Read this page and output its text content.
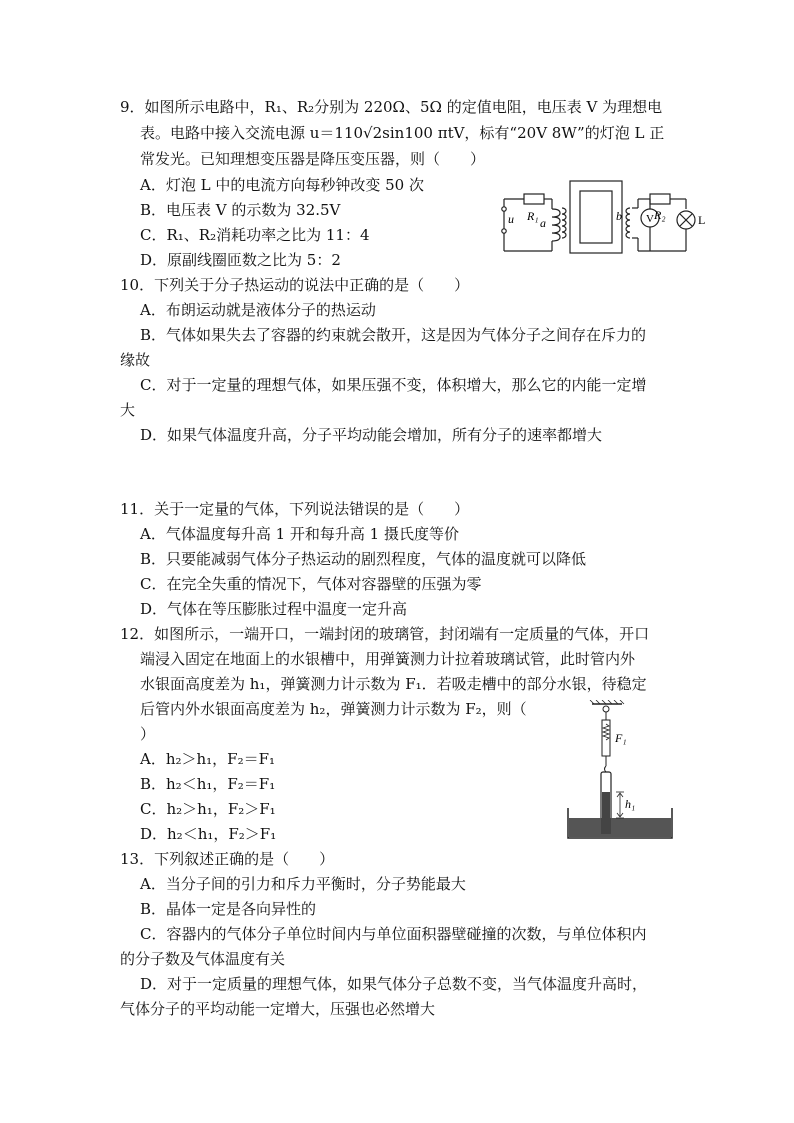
9．如图所示电路中，R₁、R₂分别为 220Ω、5Ω 的定值电阻，电压表 V 为理想电
表。电路中接入交流电源 u＝110√2sin100 πtV，标有“20V 8W”的灯泡 L 正
常发光。已知理想变压器是降压变压器，则（　　）
A．灯泡 L 中的电流方向每秒钟改变 50 次
B．电压表 V 的示数为 32.5V
C．R₁、R₂消耗功率之比为 11：4
D．原副线圈匝数之比为 5：2
u R₁ a	b V R₂	L
10．下列关于分子热运动的说法中正确的是（　　）
A．布朗运动就是液体分子的热运动
B．气体如果失去了容器的约束就会散开，这是因为气体分子之间存在斥力的
缘故
C．对于一定量的理想气体，如果压强不变，体积增大，那么它的内能一定增
大
D．如果气体温度升高，分子平均动能会增加，所有分子的速率都增大
11．关于一定量的气体，下列说法错误的是（　　）
A．气体温度每升高 1 开和每升高 1 摄氏度等价
B．只要能减弱气体分子热运动的剧烈程度，气体的温度就可以降低
C．在完全失重的情况下，气体对容器壁的压强为零
D．气体在等压膨胀过程中温度一定升高
12．如图所示，一端开口，一端封闭的玻璃管，封闭端有一定质量的气体，开口
端浸入固定在地面上的水银槽中，用弹簧测力计拉着玻璃试管，此时管内外
水银面高度差为 h₁，弹簧测力计示数为 F₁．若吸走槽中的部分水银，待稳定
后管内外水银面高度差为 h₂，弹簧测力计示数为 F₂，则（
）
A．h₂＞h₁，F₂＝F₁
B．h₂＜h₁，F₂＝F₁
C．h₂＞h₁，F₂＞F₁
D．h₂＜h₁，F₂＞F₁
F₁
h₁
13．下列叙述正确的是（　　）
A．当分子间的引力和斥力平衡时，分子势能最大
B．晶体一定是各向异性的
C．容器内的气体分子单位时间内与单位面积器壁碰撞的次数，与单位体积内
的分子数及气体温度有关
D．对于一定质量的理想气体，如果气体分子总数不变，当气体温度升高时，
气体分子的平均动能一定增大，压强也必然增大
